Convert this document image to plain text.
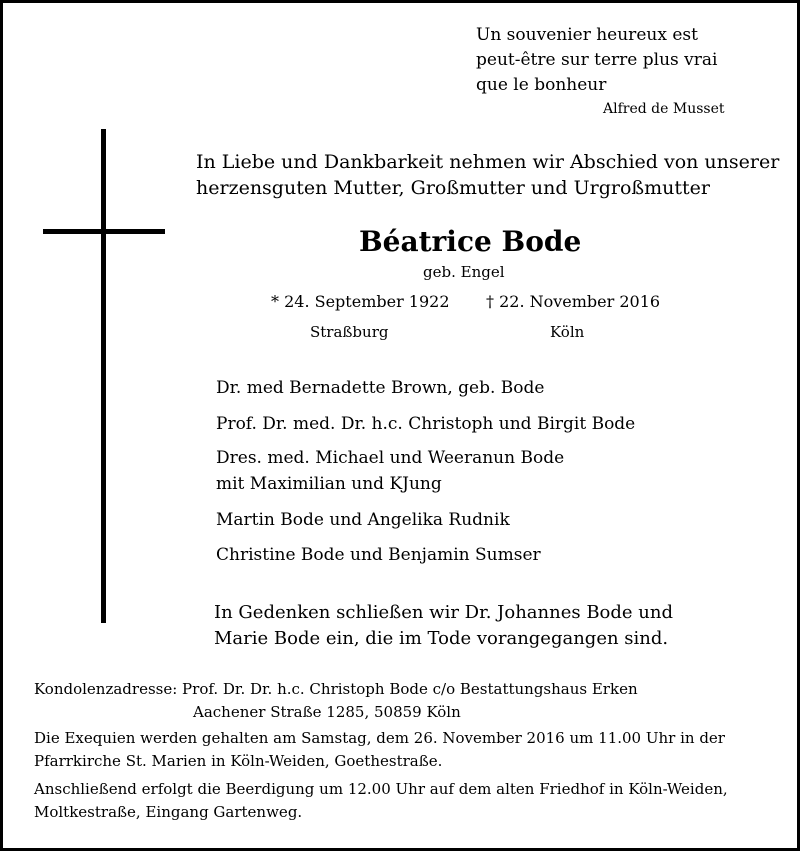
Un souvenier heureux est
peut-être sur terre plus vrai
que le bonheur
Alfred de Musset
In Liebe und Dankbarkeit nehmen wir Abschied von unserer
herzensguten Mutter, Großmutter und Urgroßmutter
Béatrice Bode
geb. Engel
* 24. September 1922 † 22. November 2016
Straßburg	Köln
Dr. med Bernadette Brown, geb. Bode
Prof. Dr. med. Dr. h.c. Christoph und Birgit Bode
Dres. med. Michael und Weeranun Bode
mit Maximilian und KJung
Martin Bode und Angelika Rudnik
Christine Bode und Benjamin Sumser
In Gedenken schließen wir Dr. Johannes Bode und
Marie Bode ein, die im Tode vorangegangen sind.
Kondolenzadresse: Prof. Dr. Dr. h.c. Christoph Bode c/o Bestattungshaus Erken
Aachener Straße 1285, 50859 Köln
Die Exequien werden gehalten am Samstag, dem 26. November 2016 um 11.00 Uhr in der
Pfarrkirche St. Marien in Köln-Weiden, Goethestraße.
Anschließend erfolgt die Beerdigung um 12.00 Uhr auf dem alten Friedhof in Köln-Weiden,
Moltkestraße, Eingang Gartenweg.
